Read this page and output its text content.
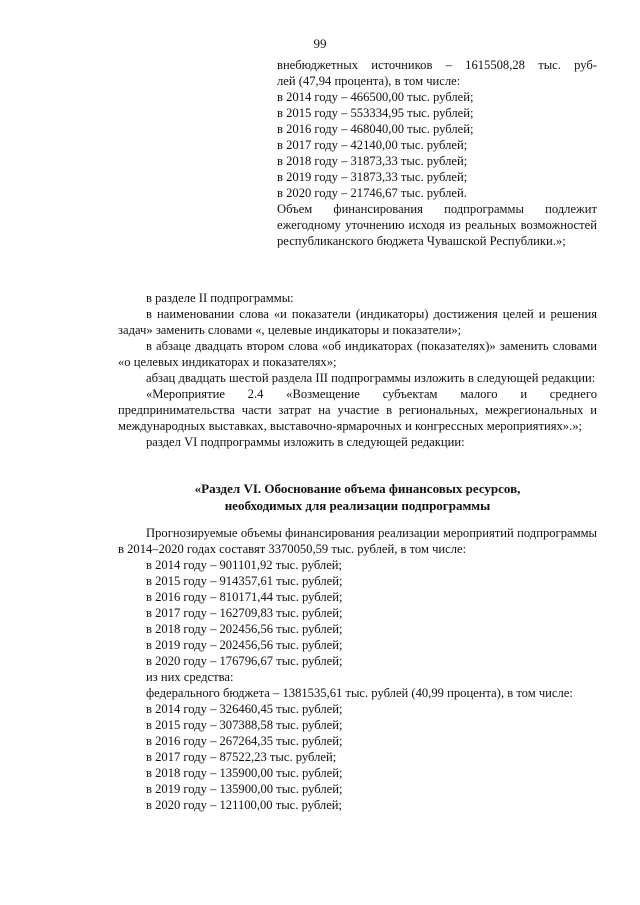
99
внебюджетных источников – 1615508,28 тыс. руб-
лей (47,94 процента), в том числе:
в 2014 году – 466500,00 тыс. рублей;
в 2015 году – 553334,95 тыс. рублей;
в 2016 году – 468040,00 тыс. рублей;
в 2017 году – 42140,00 тыс. рублей;
в 2018 году – 31873,33 тыс. рублей;
в 2019 году – 31873,33 тыс. рублей;
в 2020 году – 21746,67 тыс. рублей.
Объем финансирования подпрограммы подлежит ежегодному уточнению исходя из реальных возможностей республиканского бюджета Чувашской Республики.»;
в разделе II подпрограммы:
в наименовании слова «и показатели (индикаторы) достижения целей и решения задач» заменить словами «, целевые индикаторы и показатели»;
в абзаце двадцать втором слова «об индикаторах (показателях)» заменить словами «о целевых индикаторах и показателях»;
абзац двадцать шестой раздела III подпрограммы изложить в следующей редакции:
«Мероприятие 2.4 «Возмещение субъектам малого и среднего предпринимательства части затрат на участие в региональных, межрегиональных и международных выставках, выставочно-ярмарочных и конгрессных мероприятиях».»;
раздел VI подпрограммы изложить в следующей редакции:
«Раздел VI. Обоснование объема финансовых ресурсов,
необходимых для реализации подпрограммы
Прогнозируемые объемы финансирования реализации мероприятий подпрограммы в 2014–2020 годах составят 3370050,59 тыс. рублей, в том числе:
в 2014 году – 901101,92 тыс. рублей;
в 2015 году – 914357,61 тыс. рублей;
в 2016 году – 810171,44 тыс. рублей;
в 2017 году – 162709,83 тыс. рублей;
в 2018 году – 202456,56 тыс. рублей;
в 2019 году – 202456,56 тыс. рублей;
в 2020 году – 176796,67 тыс. рублей;
из них средства:
федерального бюджета – 1381535,61 тыс. рублей (40,99 процента), в том числе:
в 2014 году – 326460,45 тыс. рублей;
в 2015 году – 307388,58 тыс. рублей;
в 2016 году – 267264,35 тыс. рублей;
в 2017 году – 87522,23 тыс. рублей;
в 2018 году – 135900,00 тыс. рублей;
в 2019 году – 135900,00 тыс. рублей;
в 2020 году – 121100,00 тыс. рублей;
